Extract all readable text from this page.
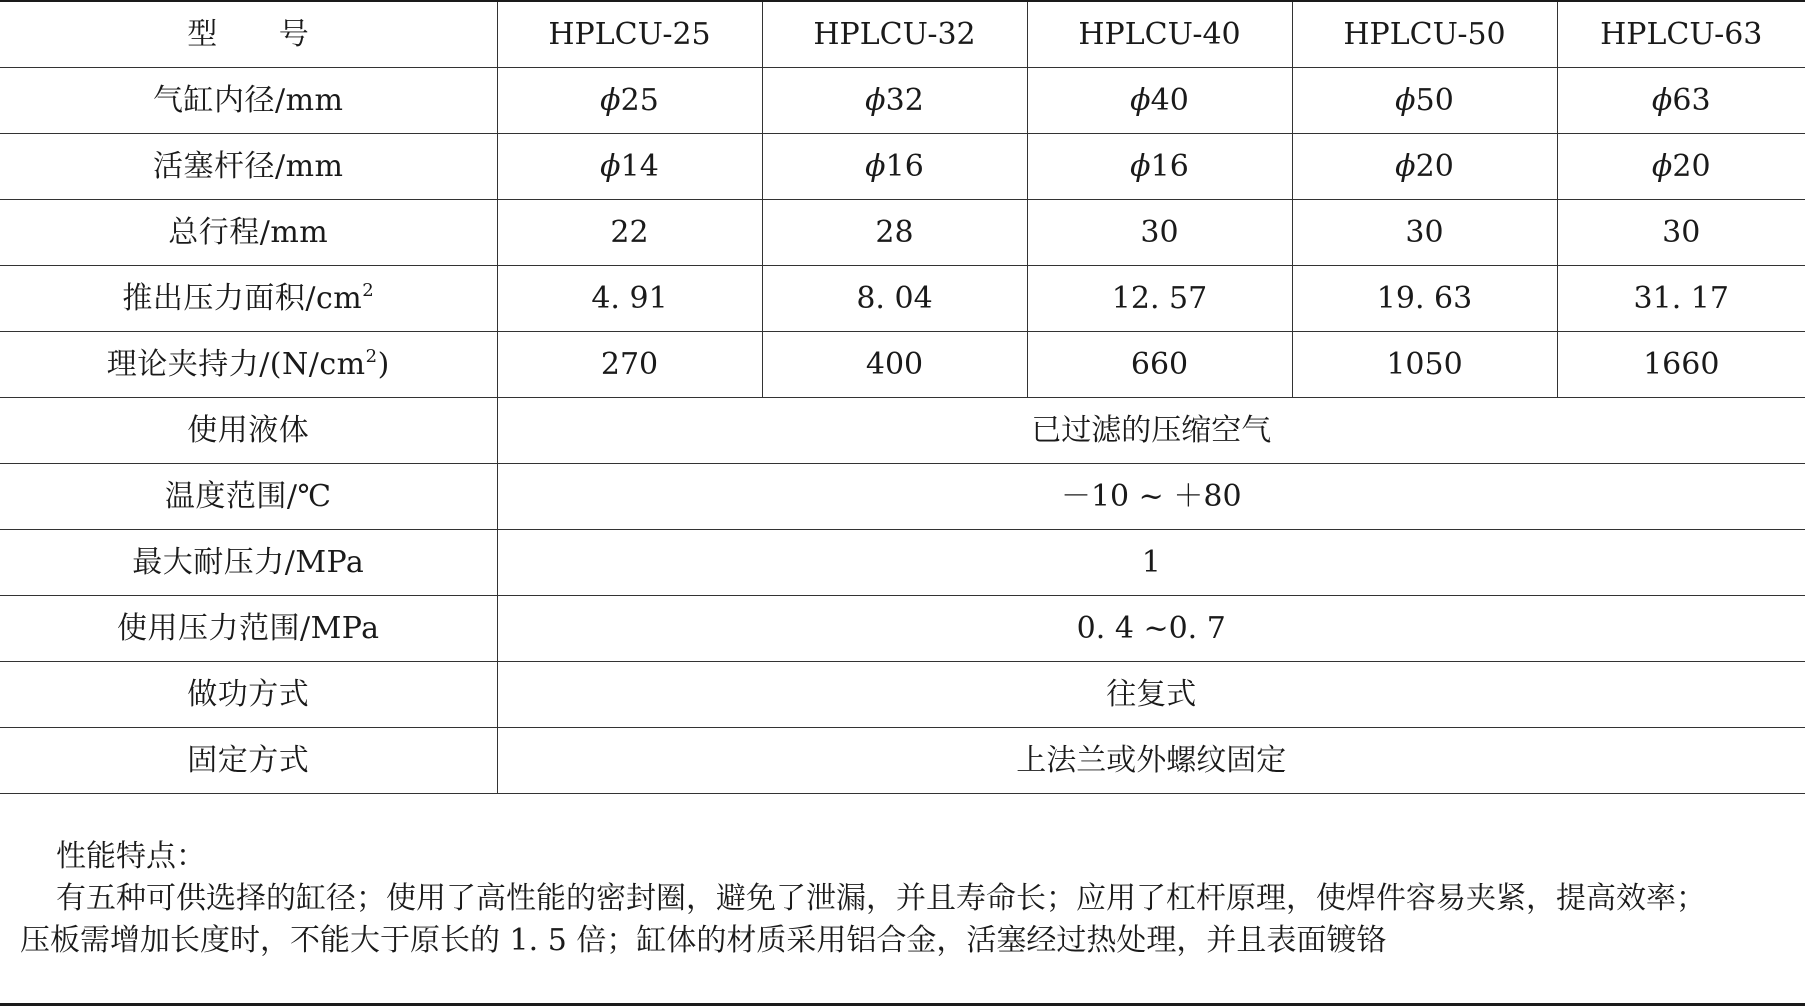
型　　号	HPLCU-25	HPLCU-32	HPLCU-40	HPLCU-50	HPLCU-63
气缸内径/mm	ϕ25	ϕ32	ϕ40	ϕ50	ϕ63
活塞杆径/mm	ϕ14	ϕ16	ϕ16	ϕ20	ϕ20
总行程/mm	22	28	30	30	30
推出压力面积$/cm^2$	4. 91	8. 04	12. 57	19. 63	31. 17
理论夹持力$/(N/cm^2)$	270	400	660	1050	1660
使用液体	已过滤的压缩空气				
温度范围/℃	－10 ~ ＋80				
最大耐压力/MPa	1				
使用压力范围/MPa	0. 4 ~0. 7				
做功方式	往复式				
固定方式	上法兰或外螺纹固定				
性能特点：
有五种可供选择的缸径；使用了高性能的密封圈，避免了泄漏，并且寿命长；应用了杠杆原理，使焊件容易夹紧，提高效率；
压板需增加长度时，不能大于原长的 1. 5 倍；缸体的材质采用铝合金，活塞经过热处理，并且表面镀铬
